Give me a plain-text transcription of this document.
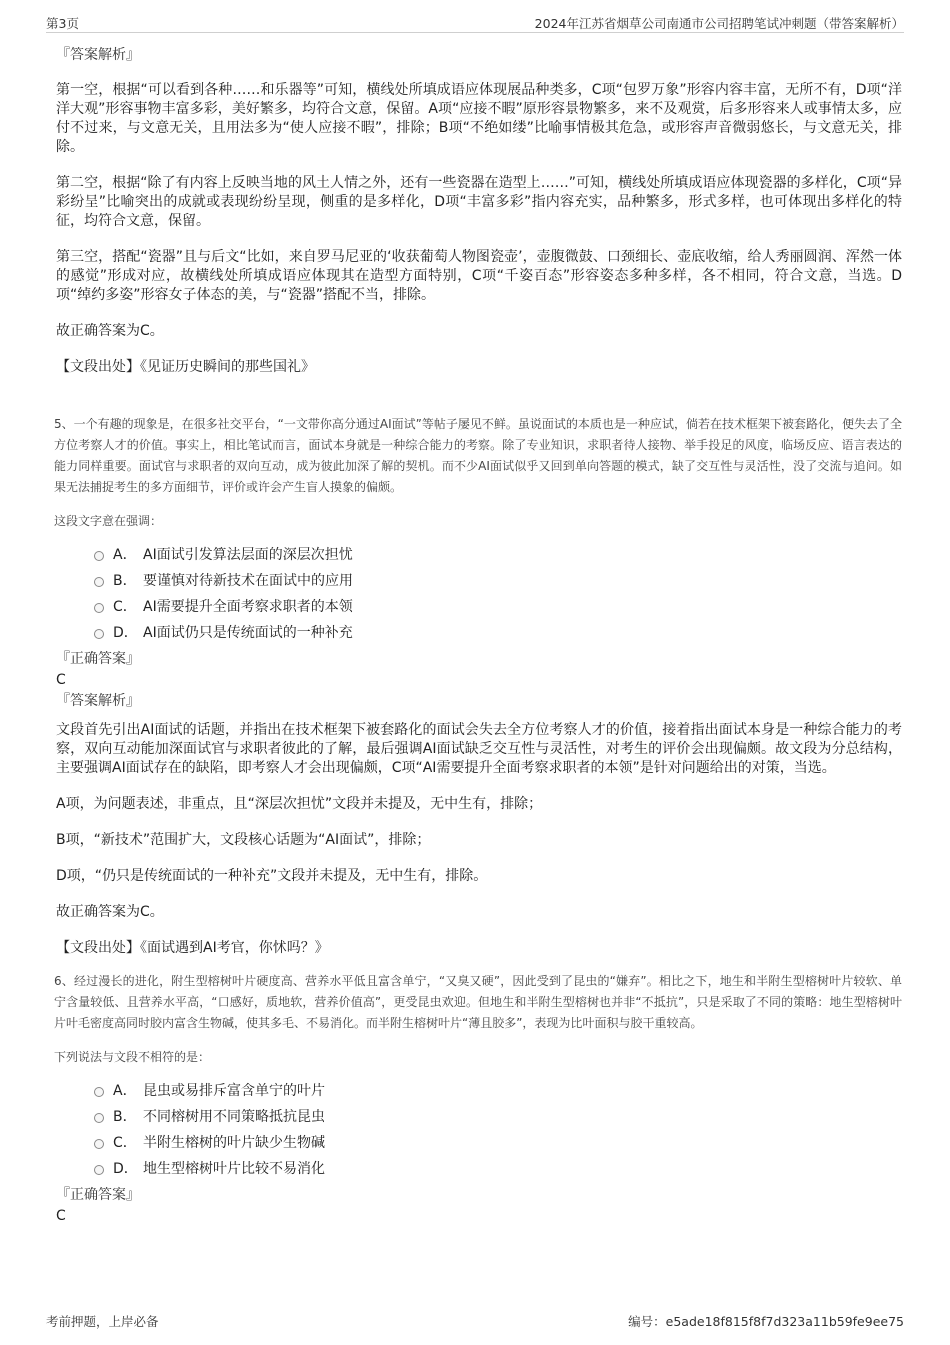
第3页	2024年江苏省烟草公司南通市公司招聘笔试冲刺题（带答案解析）
『答案解析』

第一空，根据“可以看到各种……和乐器等”可知，横线处所填成语应体现展品种类多，C项“包罗万象”形容内容丰富，无所不有，D项“洋洋大观”形容事物丰富多彩，美好繁多，均符合文意，保留。A项“应接不暇”原形容景物繁多，来不及观赏，后多形容来人或事情太多，应付不过来，与文意无关，且用法多为“使人应接不暇”，排除；B项“不绝如缕”比喻事情极其危急，或形容声音微弱悠长，与文意无关，排除。

第二空，根据“除了有内容上反映当地的风土人情之外，还有一些瓷器在造型上……”可知，横线处所填成语应体现瓷器的多样化，C项“异彩纷呈”比喻突出的成就或表现纷纷呈现，侧重的是多样化，D项“丰富多彩”指内容充实，品种繁多，形式多样，也可体现出多样化的特征，均符合文意，保留。

第三空，搭配“瓷器”且与后文“比如，来自罗马尼亚的‘收获葡萄人物图瓷壶’，壶腹微鼓、口颈细长、壶底收缩，给人秀丽圆润、浑然一体的感觉”形成对应，故横线处所填成语应体现其在造型方面特别，C项“千姿百态”形容姿态多种多样，各不相同，符合文意，当选。D项“绰约多姿”形容女子体态的美，与“瓷器”搭配不当，排除。

故正确答案为C。

【文段出处】《见证历史瞬间的那些国礼》

5、一个有趣的现象是，在很多社交平台，“一文带你高分通过AI面试”等帖子屡见不鲜。虽说面试的本质也是一种应试，倘若在技术框架下被套路化，便失去了全方位考察人才的价值。事实上，相比笔试而言，面试本身就是一种综合能力的考察。除了专业知识，求职者待人接物、举手投足的风度，临场反应、语言表达的能力同样重要。面试官与求职者的双向互动，成为彼此加深了解的契机。而不少AI面试似乎又回到单向答题的模式，缺了交互性与灵活性，没了交流与追问。如果无法捕捉考生的多方面细节，评价或许会产生盲人摸象的偏颇。

这段文字意在强调：
A． AI面试引发算法层面的深层次担忧
B． 要谨慎对待新技术在面试中的应用
C． AI需要提升全面考察求职者的本领
D． AI面试仍只是传统面试的一种补充
『正确答案』
C
『答案解析』

文段首先引出AI面试的话题，并指出在技术框架下被套路化的面试会失去全方位考察人才的价值，接着指出面试本身是一种综合能力的考察，双向互动能加深面试官与求职者彼此的了解，最后强调AI面试缺乏交互性与灵活性，对考生的评价会出现偏颇。故文段为分总结构，主要强调AI面试存在的缺陷，即考察人才会出现偏颇，C项“AI需要提升全面考察求职者的本领”是针对问题给出的对策，当选。

A项，为问题表述，非重点，且“深层次担忧”文段并未提及，无中生有，排除；

B项，“新技术”范围扩大，文段核心话题为“AI面试”，排除；

D项，“仍只是传统面试的一种补充”文段并未提及，无中生有，排除。

故正确答案为C。

【文段出处】《面试遇到AI考官，你怵吗？》

6、经过漫长的进化，附生型榕树叶片硬度高、营养水平低且富含单宁，“又臭又硬”，因此受到了昆虫的“嫌弃”。相比之下，地生和半附生型榕树叶片较软、单宁含量较低、且营养水平高，“口感好，质地软，营养价值高”，更受昆虫欢迎。但地生和半附生型榕树也并非“不抵抗”，只是采取了不同的策略：地生型榕树叶片叶毛密度高同时胶内富含生物碱，使其多毛、不易消化。而半附生榕树叶片“薄且胶多”，表现为比叶面积与胶干重较高。

下列说法与文段不相符的是：
A． 昆虫或易排斥富含单宁的叶片
B． 不同榕树用不同策略抵抗昆虫
C． 半附生榕树的叶片缺少生物碱
D． 地生型榕树叶片比较不易消化
『正确答案』
C
考前押题，上岸必备	编号：e5ade18f815f8f7d323a11b59fe9ee75
